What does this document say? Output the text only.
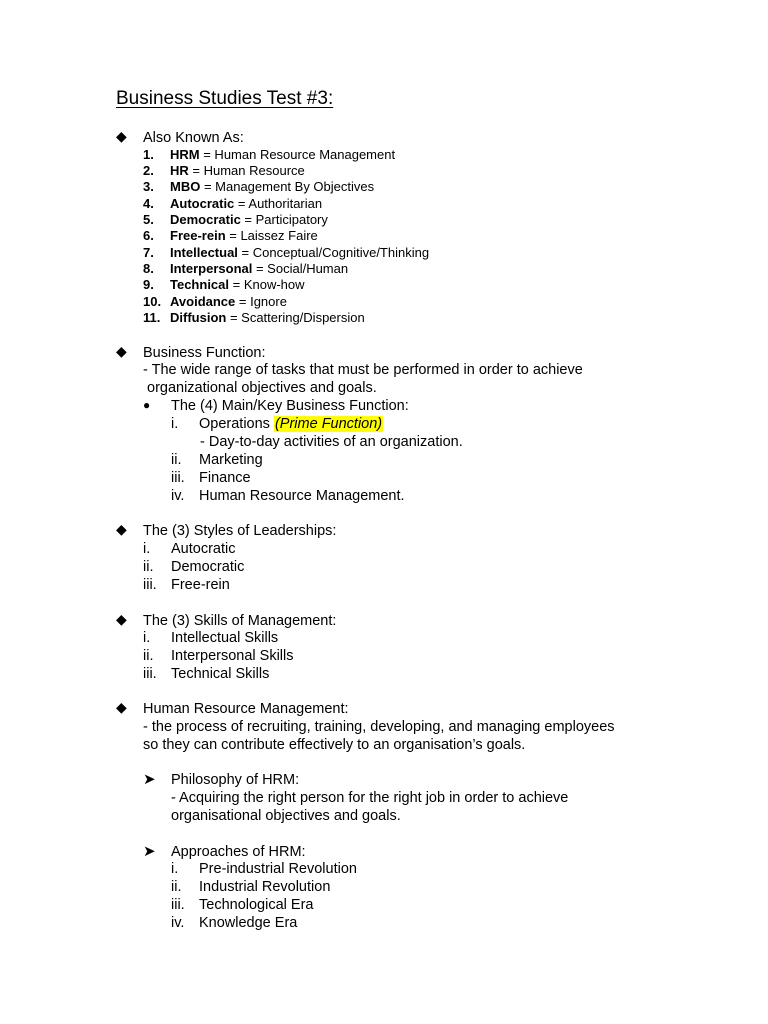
Business Studies Test #3:
◆ Also Known As:
1. HRM = Human Resource Management
2. HR = Human Resource
3. MBO = Management By Objectives
4. Autocratic = Authoritarian
5. Democratic = Participatory
6. Free-rein = Laissez Faire
7. Intellectual = Conceptual/Cognitive/Thinking
8. Interpersonal = Social/Human
9. Technical = Know-how
10. Avoidance = Ignore
11. Diffusion = Scattering/Dispersion
◆ Business Function:
- The wide range of tasks that must be performed in order to achieve
organizational objectives and goals.
● The (4) Main/Key Business Function:
i. Operations (Prime Function)
- Day-to-day activities of an organization.
ii. Marketing
iii. Finance
iv. Human Resource Management.
◆ The (3) Styles of Leaderships:
i. Autocratic
ii. Democratic
iii. Free-rein
◆ The (3) Skills of Management:
i. Intellectual Skills
ii. Interpersonal Skills
iii. Technical Skills
◆ Human Resource Management:
- the process of recruiting, training, developing, and managing employees
so they can contribute effectively to an organisation’s goals.
➤ Philosophy of HRM:
- Acquiring the right person for the right job in order to achieve
organisational objectives and goals.
➤ Approaches of HRM:
i. Pre-industrial Revolution
ii. Industrial Revolution
iii. Technological Era
iv. Knowledge Era
